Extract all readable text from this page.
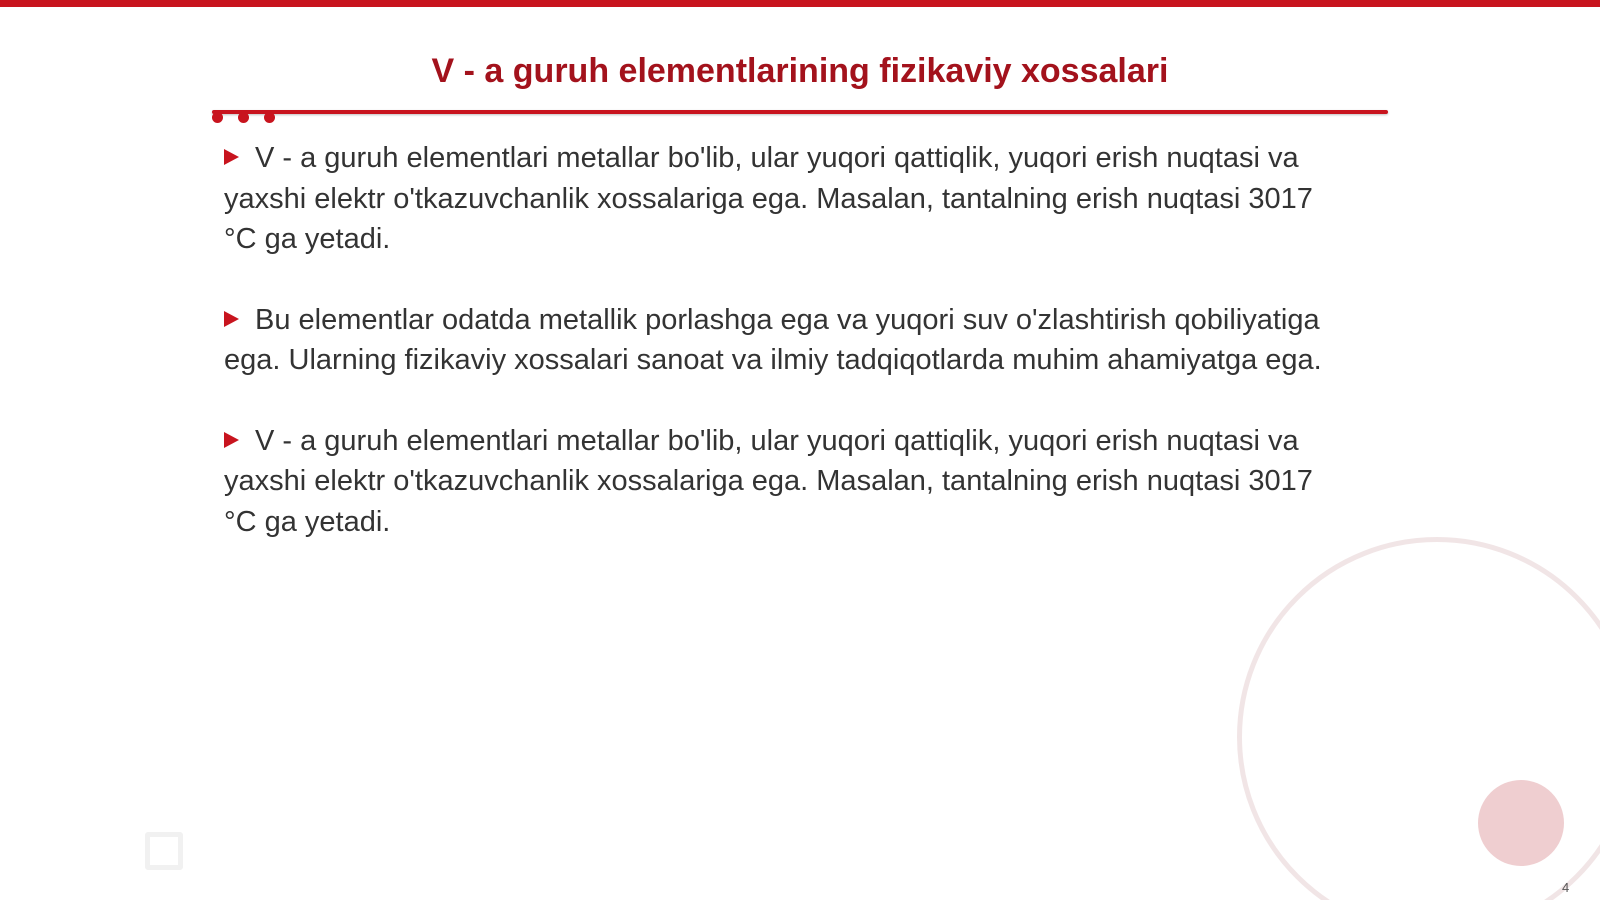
V - a guruh elementlarining fizikaviy xossalari
V - a guruh elementlari metallar bo'lib, ular yuqori qattiqlik, yuqori erish nuqtasi va yaxshi elektr o'tkazuvchanlik xossalariga ega. Masalan, tantalning erish nuqtasi 3017 °C ga yetadi.
Bu elementlar odatda metallik porlashga ega va yuqori suv o'zlashtirish qobiliyatiga ega. Ularning fizikaviy xossalari sanoat va ilmiy tadqiqotlarda muhim ahamiyatga ega.
V - a guruh elementlari metallar bo'lib, ular yuqori qattiqlik, yuqori erish nuqtasi va yaxshi elektr o'tkazuvchanlik xossalariga ega. Masalan, tantalning erish nuqtasi 3017 °C ga yetadi.
4
